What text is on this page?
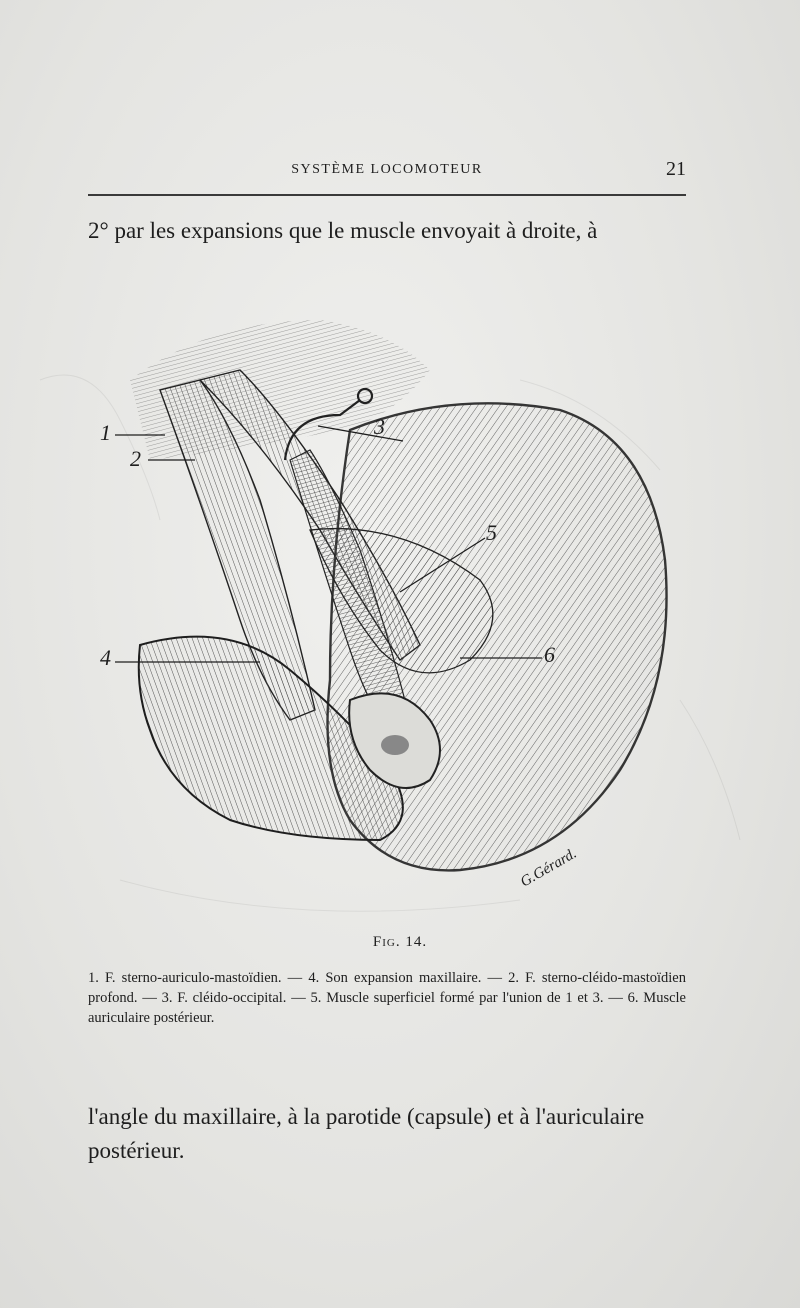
SYSTÈME LOCOMOTEUR	21
2° par les expansions que le muscle envoyait à droite, à
1
2
3
4
5
6
G.Gérard.
Fig. 14.
1. F. sterno-auriculo-mastoïdien. — 4. Son expansion maxillaire. — 2. F. sterno-cléido-mastoïdien profond. — 3. F. cléido-occipital. — 5. Muscle superficiel formé par l'union de 1 et 3. — 6. Muscle auriculaire postérieur.
l'angle du maxillaire, à la parotide (capsule) et à l'auriculaire postérieur.
